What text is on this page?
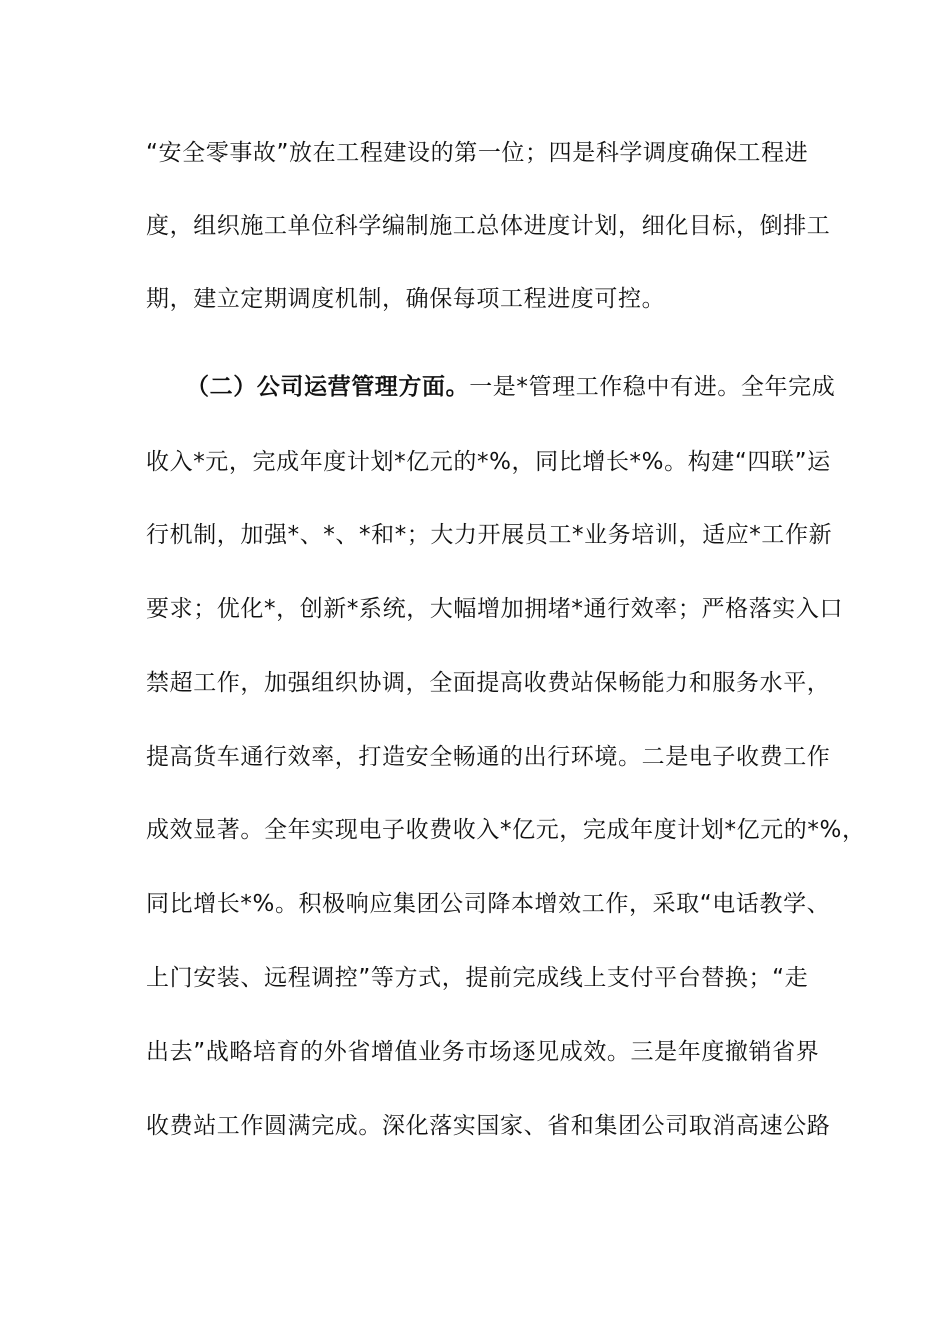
“安全零事故”放在工程建设的第一位；四是科学调度确保工程进
度，组织施工单位科学编制施工总体进度计划，细化目标，倒排工
期，建立定期调度机制，确保每项工程进度可控。
（二）公司运营管理方面。一是*管理工作稳中有进。全年完成
收入*元，完成年度计划*亿元的*%，同比增长*%。构建“四联”运
行机制，加强*、*、*和*；大力开展员工*业务培训，适应*工作新
要求；优化*，创新*系统，大幅增加拥堵*通行效率；严格落实入口
禁超工作，加强组织协调，全面提高收费站保畅能力和服务水平，
提高货车通行效率，打造安全畅通的出行环境。二是电子收费工作
成效显著。全年实现电子收费收入*亿元，完成年度计划*亿元的*%，
同比增长*%。积极响应集团公司降本增效工作，采取“电话教学、
上门安装、远程调控”等方式，提前完成线上支付平台替换；“走
出去”战略培育的外省增值业务市场逐见成效。三是年度撤销省界
收费站工作圆满完成。深化落实国家、省和集团公司取消高速公路
